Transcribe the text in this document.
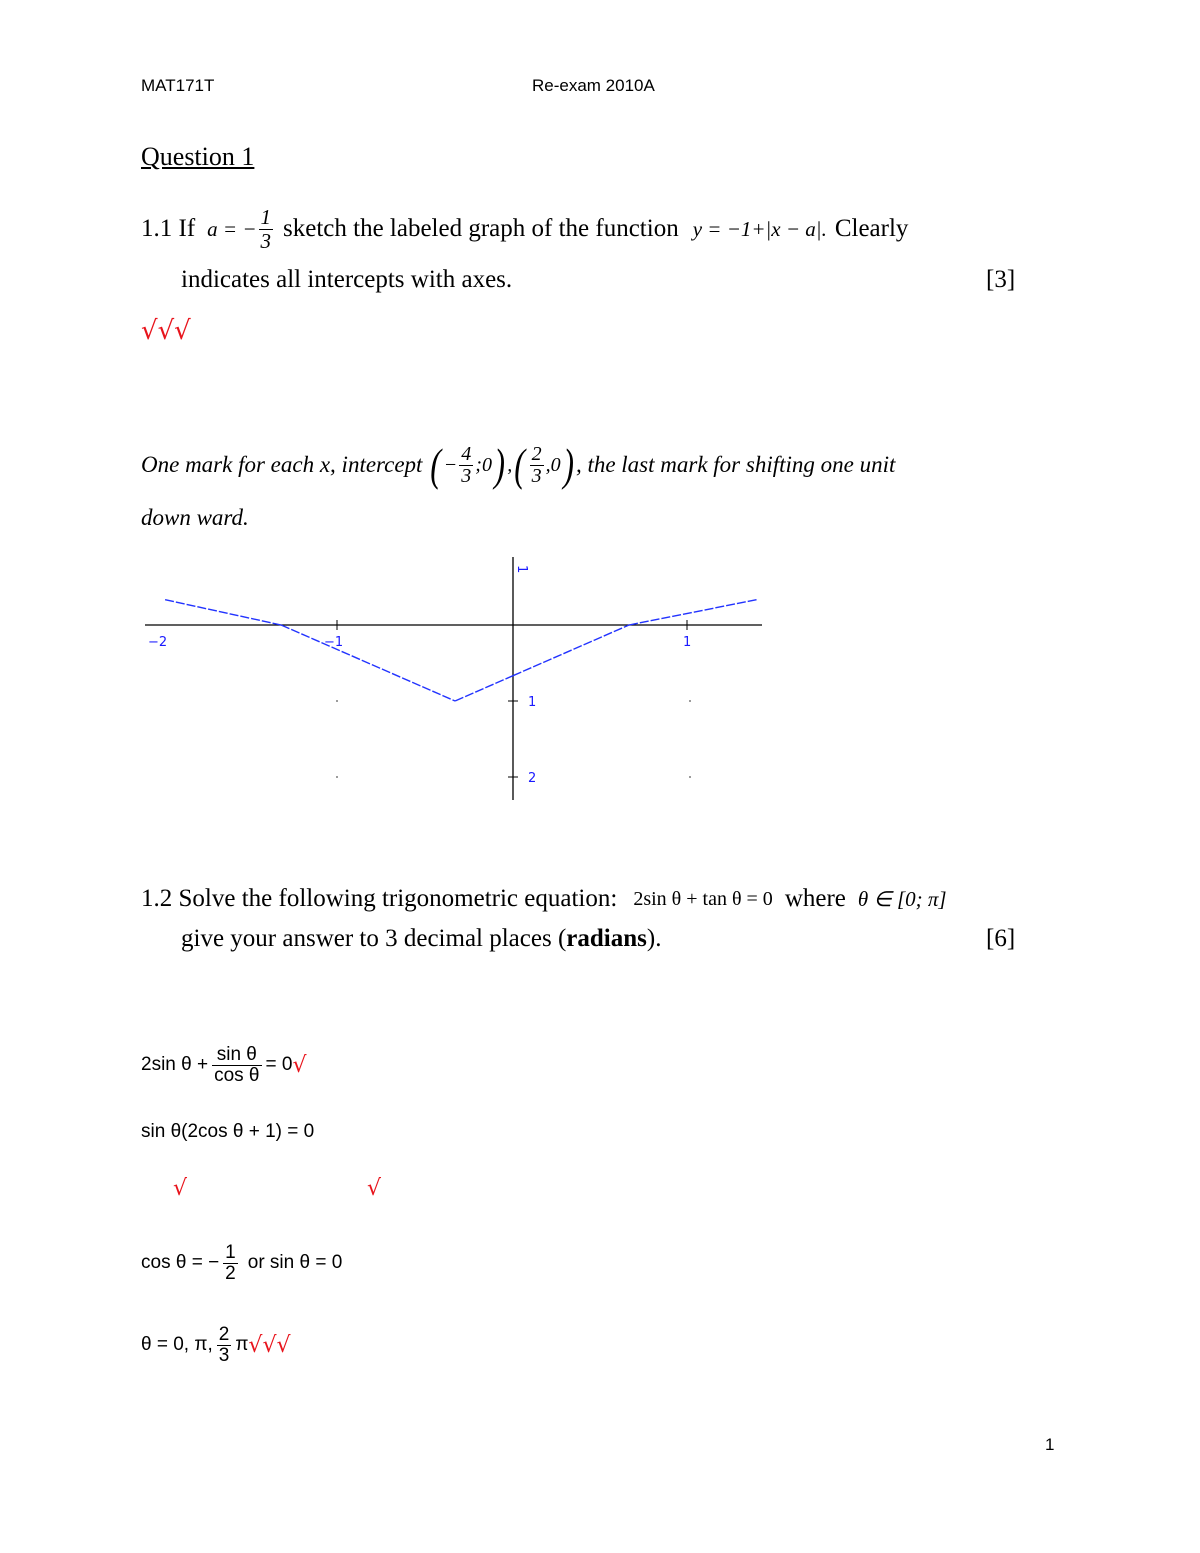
MAT171T	Re-exam 2010A
Question 1
1.1 If a = − $\frac{1}{3}$ sketch the labeled graph of the function y = −1+|x − a|. Clearly
indicates all intercepts with axes.	[3]
√√√
One mark for each x, intercept ( − $\frac{4}{3}$ ;0 ) , ( $\frac{2}{3} ,0$ ) , the last mark for shifting one unit
down ward.
−2	−1	1
1
2
1
1.2 Solve the following trigonometric equation: 2sin θ + tan θ = 0 where θ ∈ [0; π]
give your answer to 3 decimal places (radians).	[6]
2sin $\theta + \frac{\text{sin θ}}{\text{cos θ}} = 0$ √
sin θ(2cos θ + 1) = 0
√	√
cos θ = − $\frac{1}{2}$ or sin θ = 0
θ = 0, π, $\frac{2}{3}$ π √√√
1
